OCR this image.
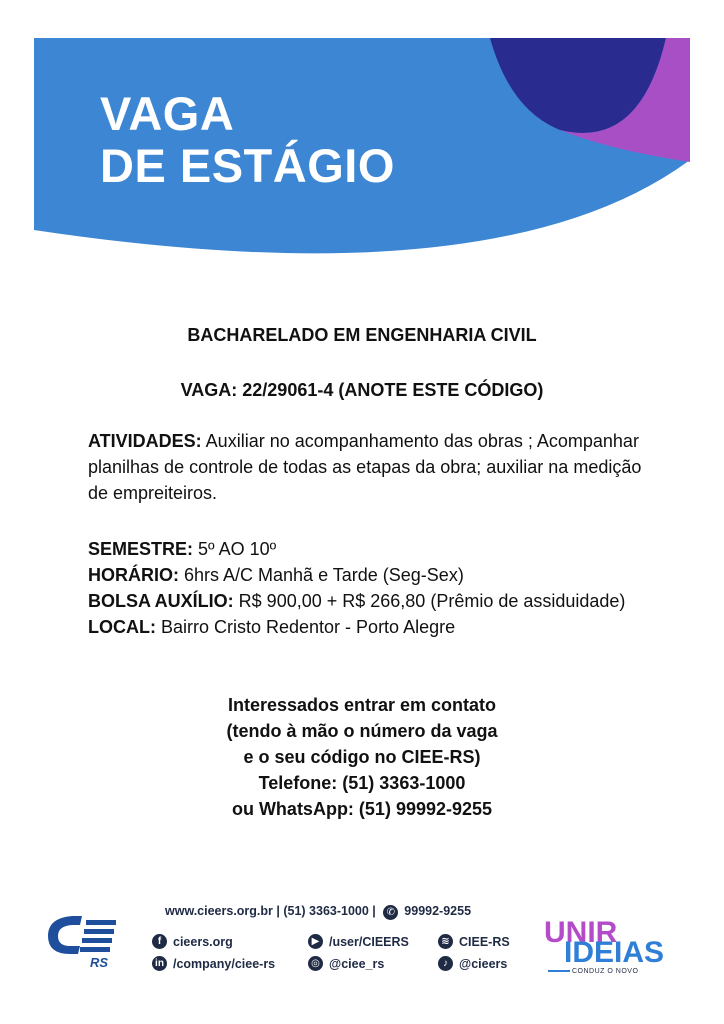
VAGA
DE ESTÁGIO
BACHARELADO EM ENGENHARIA CIVIL
VAGA: 22/29061-4 (ANOTE ESTE CÓDIGO)
ATIVIDADES: Auxiliar no acompanhamento das obras ; Acompanhar planilhas de controle de todas as etapas da obra; auxiliar na medição de empreiteiros.
SEMESTRE: 5º AO 10º
HORÁRIO: 6hrs A/C Manhã e Tarde (Seg-Sex)
BOLSA AUXÍLIO: R$ 900,00 + R$ 266,80 (Prêmio de assiduidade)
LOCAL: Bairro Cristo Redentor - Porto Alegre
Interessados entrar em contato
(tendo à mão o número da vaga
e o seu código no CIEE-RS)
Telefone: (51) 3363-1000
ou WhatsApp: (51) 99992-9255
RS
www.cieers.org.br | (51) 3363-1000 | ✆ 99992-9255
f cieers.org	▶ /user/CIEERS	≋ CIEE-RS
in /company/ciee-rs	◎ @ciee_rs	♪ @cieers
UNIR
IDEIAS
CONDUZ O NOVO
